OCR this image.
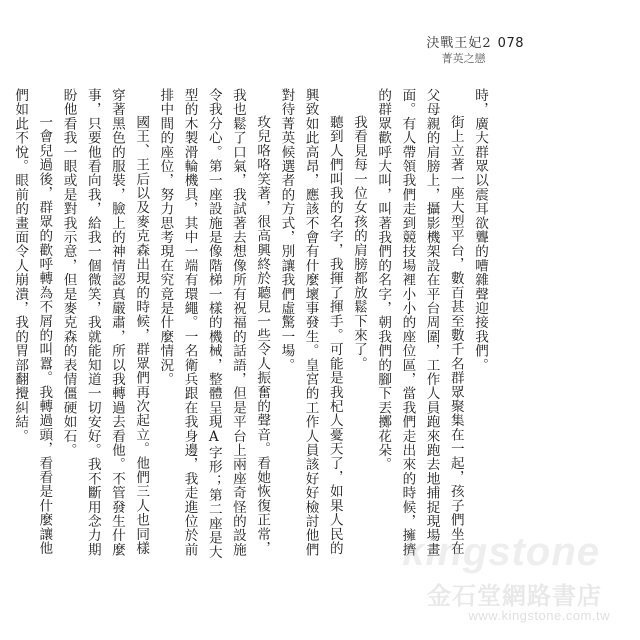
決戰王妃2
菁英之戀
078

時，廣大群眾以震耳欲聾的嘈雜聲迎接我們。

街上立著一座大型平台，數百甚至數千名群眾聚集在一起，孩子們坐在父母親的肩膀上，攝影機架設在平台周圍，工作人員跑來跑去地捕捉現場畫面。有人帶領我們走到競技場裡小小的座位區，當我們走出來的時候，擁擠的群眾歡呼大叫，叫著我們的名字，朝我們的腳下丟擲花朵。

我看見每一位女孩的肩膀都放鬆下來了。

聽到人們叫我的名字，我揮了揮手。可能是我杞人憂天了，如果人民的興致如此高昂，應該不會有什麼壞事發生。皇宮的工作人員該好好檢討他們對待菁英候選者的方式，別讓我們虛驚一場。

玫兒咯咯笑著，很高興終於聽見一些令人振奮的聲音。看她恢復正常，我也鬆了口氣，我試著去想像所有祝福的話語，但是平台上兩座奇怪的設施令我分心。第一座設施是像階梯一樣的機械，整體呈現A字形；第二座是大型的木製滑輪機具，其中一端有環繩。一名衛兵跟在我身邊，我走進位於前排中間的座位，努力思考現在究竟是什麼情況。

國王、王后以及麥克森出現的時候，群眾們再次起立。他們三人也同樣穿著黑色的服裝，臉上的神情認真嚴肅，所以我轉過去看他。不管發生什麼事，只要他看向我，給我一個微笑，我就能知道一切安好。我不斷用念力期盼他看我一眼或是對我示意，但是麥克森的表情僵硬如石。

一會兒過後，群眾的歡呼轉為不屑的叫囂。我轉過頭，看看是什麼讓他們如此不悅。眼前的畫面令人崩潰，我的胃部翻攪糾結。

kingstone
金石堂網路書店
www.kingstone.com.tw
